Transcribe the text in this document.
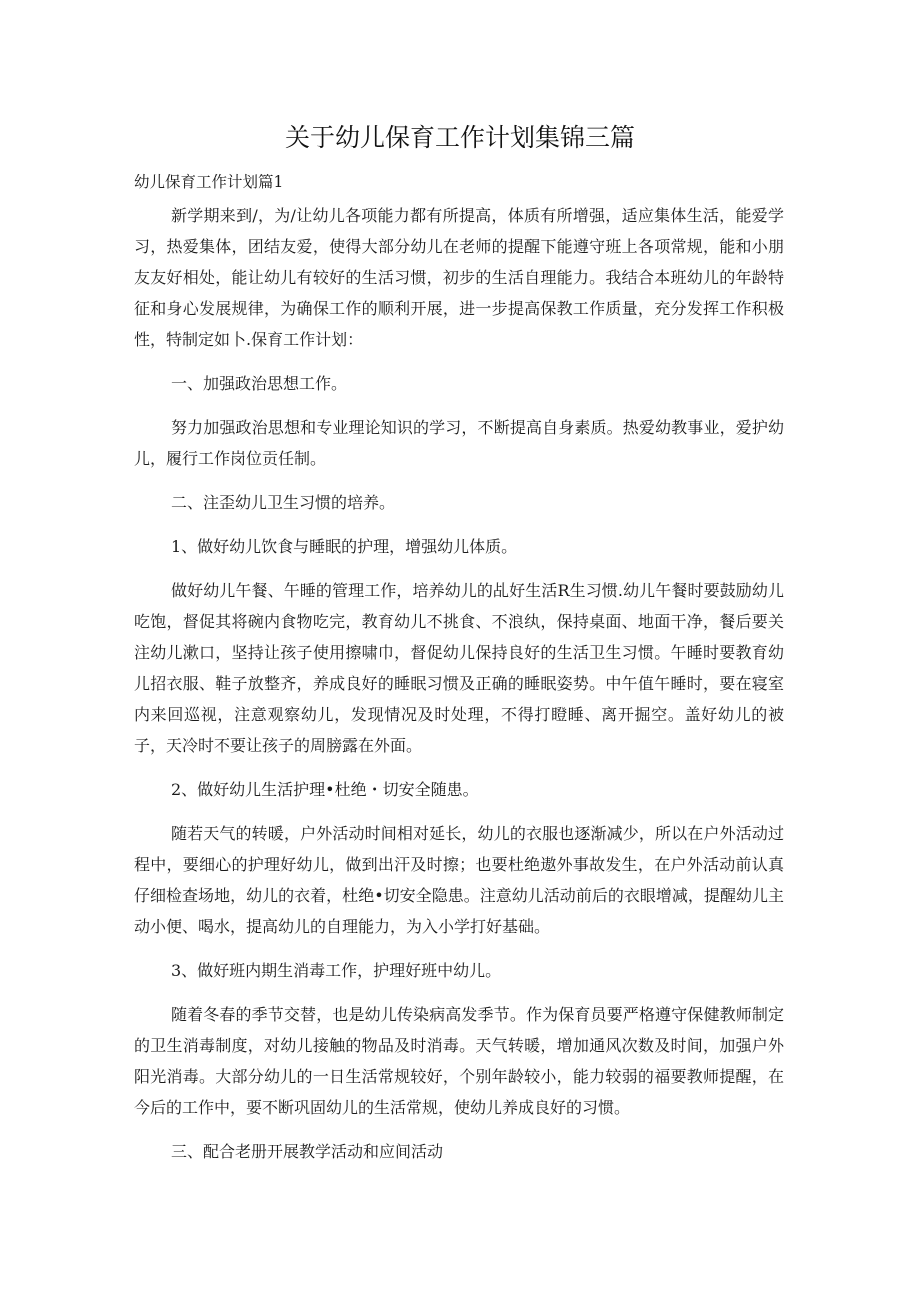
关于幼儿保育工作计划集锦三篇

幼儿保育工作计划篇1

新学期来到/，为/让幼儿各项能力都有所提高，体质有所增强，适应集体生活，能爱学习，热爱集体，团结友爱，使得大部分幼儿在老师的提醒下能遵守班上各项常规，能和小朋友友好相处，能让幼儿有较好的生活习惯，初步的生活自理能力。我结合本班幼儿的年龄特征和身心发展规律，为确保工作的顺利开展，进一步提高保教工作质量，充分发挥工作积极性，特制定如卜.保育工作计划：

一、加强政治思想工作。

努力加强政治思想和专业理论知识的学习，不断提高自身素质。热爱幼教事业，爱护幼儿，履行工作岗位贡任制。

二、注歪幼儿卫生习惯的培养。

1、做好幼儿饮食与睡眠的护理，增强幼儿体质。

做好幼儿午餐、午睡的管理工作，培养幼儿的乩好生活R生习惯.幼儿午餐时要鼓励幼儿吃饱，督促其将碗内食物吃完，教育幼儿不挑食、不浪纨，保持桌面、地面干净，餐后要关注幼儿漱口，坚持让孩子使用擦啸巾，督促幼儿保持良好的生活卫生习惯。午睡时要教育幼儿招衣服、鞋子放整齐，养成良好的睡眠习惯及正确的睡眠姿势。中午值午睡时，要在寝室内来回巡视，注意观察幼儿，发现情况及时处理，不得打瞪睡、离开掘空。盖好幼儿的被子，天冷时不要让孩子的周膀露在外面。

2、做好幼儿生活护理•杜绝・切安全随患。

随若天气的转暖，户外活动时间相对延长，幼儿的衣服也逐渐减少，所以在户外活动过程中，要细心的护理好幼儿，做到出汗及时擦；也要杜绝遨外事故发生，在户外活动前认真仔细检查场地，幼儿的衣着，杜绝•切安全隐患。注意幼儿活动前后的衣眼增减，提醒幼儿主动小便、喝水，提高幼儿的自理能力，为入小学打好基础。

3、做好班内期生消毒工作，护理好班中幼儿。

随着冬春的季节交替，也是幼儿传染病高发季节。作为保育员要严格遵守保健教师制定的卫生消毒制度，对幼儿接触的物品及时消毒。天气转暖，增加通风次数及时间，加强户外阳光消毒。大部分幼儿的一日生活常规较好，个别年龄较小，能力较弱的福要教师提醒，在今后的工作中，要不断巩固幼儿的生活常规，使幼儿养成良好的习惯。

三、配合老册开展教学活动和应间活动
